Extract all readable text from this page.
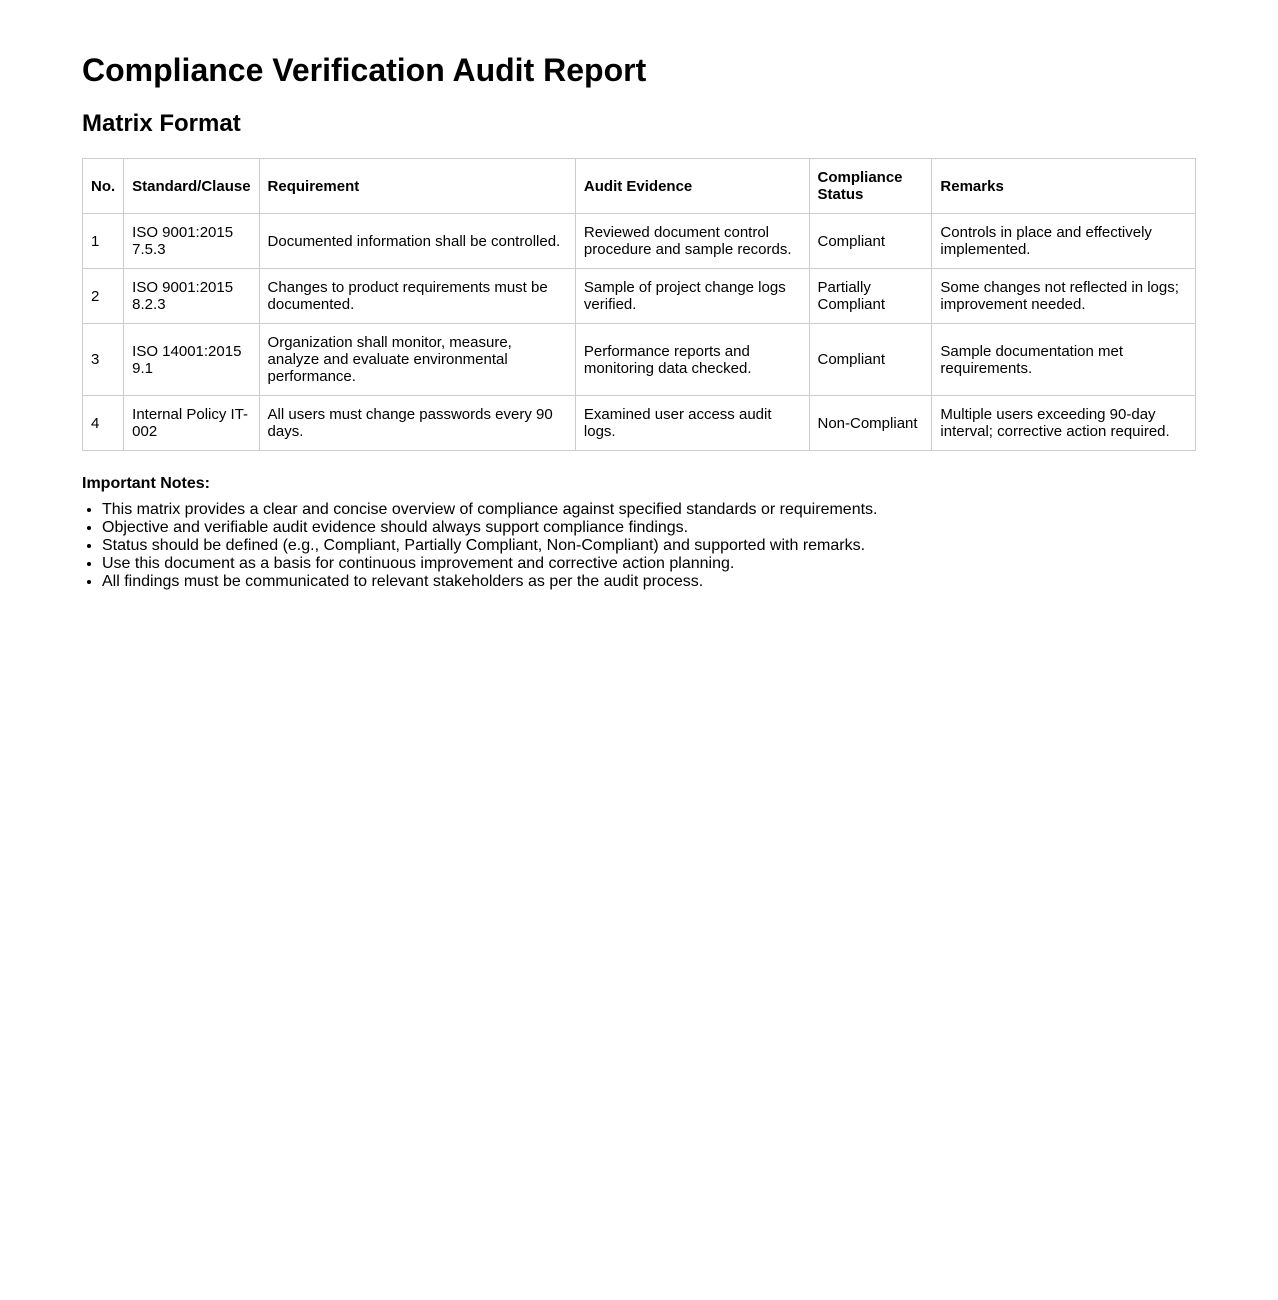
Compliance Verification Audit Report
Matrix Format
No.	Standard/Clause	Requirement	Audit Evidence	Compliance Status	Remarks
1	ISO 9001:2015 7.5.3	Documented information shall be controlled.	Reviewed document control procedure and sample records.	Compliant	Controls in place and effectively implemented.
2	ISO 9001:2015 8.2.3	Changes to product requirements must be documented.	Sample of project change logs verified.	Partially Compliant	Some changes not reflected in logs; improvement needed.
3	ISO 14001:2015 9.1	Organization shall monitor, measure, analyze and evaluate environmental performance.	Performance reports and monitoring data checked.	Compliant	Sample documentation met requirements.
4	Internal Policy IT-002	All users must change passwords every 90 days.	Examined user access audit logs.	Non-Compliant	Multiple users exceeding 90-day interval; corrective action required.
Important Notes:
• This matrix provides a clear and concise overview of compliance against specified standards or requirements.
• Objective and verifiable audit evidence should always support compliance findings.
• Status should be defined (e.g., Compliant, Partially Compliant, Non-Compliant) and supported with remarks.
• Use this document as a basis for continuous improvement and corrective action planning.
• All findings must be communicated to relevant stakeholders as per the audit process.
